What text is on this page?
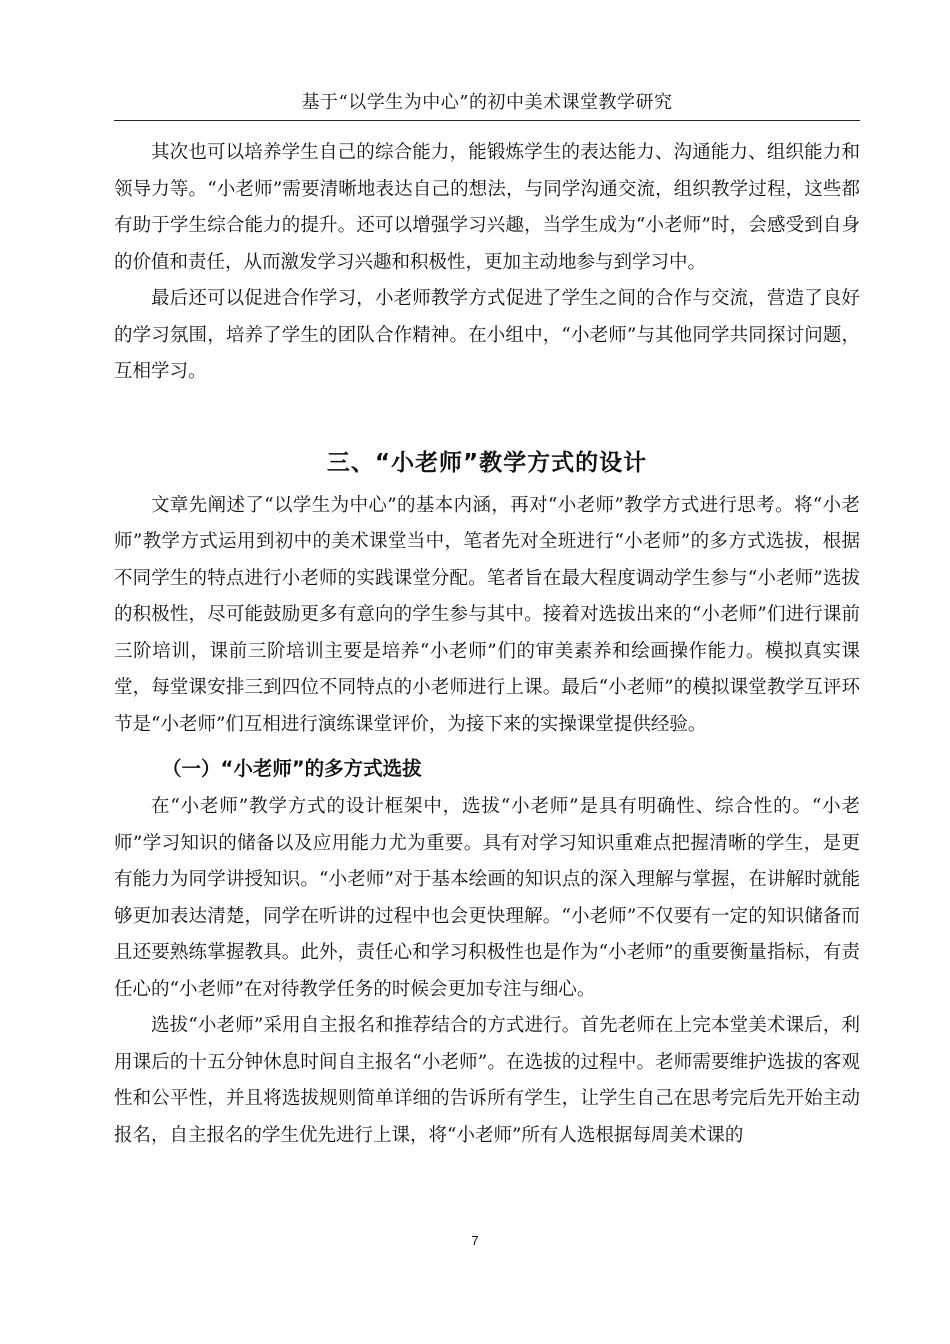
基于“以学生为中心”的初中美术课堂教学研究

其次也可以培养学生自己的综合能力，能锻炼学生的表达能力、沟通能力、组织能力和领导力等。“小老师”需要清晰地表达自己的想法，与同学沟通交流，组织教学过程，这些都有助于学生综合能力的提升。还可以增强学习兴趣，当学生成为“小老师”时，会感受到自身的价值和责任，从而激发学习兴趣和积极性，更加主动地参与到学习中。

最后还可以促进合作学习，小老师教学方式促进了学生之间的合作与交流，营造了良好的学习氛围，培养了学生的团队合作精神。在小组中，“小老师”与其他同学共同探讨问题，互相学习。

三、“小老师”教学方式的设计

文章先阐述了“以学生为中心”的基本内涵，再对“小老师”教学方式进行思考。将“小老师”教学方式运用到初中的美术课堂当中，笔者先对全班进行“小老师”的多方式选拔，根据不同学生的特点进行小老师的实践课堂分配。笔者旨在最大程度调动学生参与“小老师”选拔的积极性，尽可能鼓励更多有意向的学生参与其中。接着对选拔出来的“小老师”们进行课前三阶培训，课前三阶培训主要是培养“小老师”们的审美素养和绘画操作能力。模拟真实课堂，每堂课安排三到四位不同特点的小老师进行上课。最后“小老师”的模拟课堂教学互评环节是“小老师”们互相进行演练课堂评价，为接下来的实操课堂提供经验。

（一）“小老师”的多方式选拔

在“小老师”教学方式的设计框架中，选拔“小老师”是具有明确性、综合性的。“小老师”学习知识的储备以及应用能力尤为重要。具有对学习知识重难点把握清晰的学生，是更有能力为同学讲授知识。“小老师”对于基本绘画的知识点的深入理解与掌握，在讲解时就能够更加表达清楚，同学在听讲的过程中也会更快理解。“小老师”不仅要有一定的知识储备而且还要熟练掌握教具。此外，责任心和学习积极性也是作为“小老师”的重要衡量指标，有责任心的“小老师”在对待教学任务的时候会更加专注与细心。

选拔“小老师”采用自主报名和推荐结合的方式进行。首先老师在上完本堂美术课后，利用课后的十五分钟休息时间自主报名“小老师”。在选拔的过程中。老师需要维护选拔的客观性和公平性，并且将选拔规则简单详细的告诉所有学生，让学生自己在思考完后先开始主动报名，自主报名的学生优先进行上课，将“小老师”所有人选根据每周美术课的

7
